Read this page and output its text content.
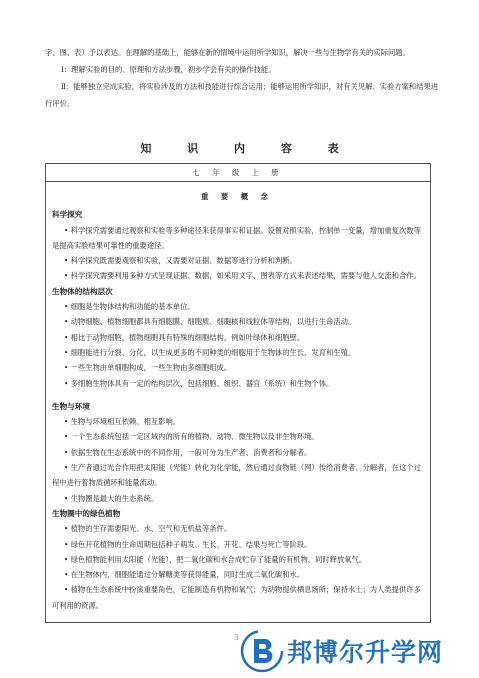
字、图、表）予以表达。在理解的基础上，能够在新的情境中运用所学知识，解决一些与生物学有关的实际问题。

Ⅰ：理解实验的目的、原理和方法步骤，初步学会有关的操作技能。

Ⅱ：能够独立完成实验，将实验涉及的方法和技能进行综合运用；能够运用所学知识，对有关见解、实验方案和结果进行评价。

知 识 内 容 表
七 年 级 上 册
重 要 概 念
科学探究
• 科学探究需要通过观察和实验等多种途径来获得事实和证据。设置对照实验，控制单一变量，增加重复次数等是提高实验结果可靠性的重要途径。
• 科学探究既需要观察和实验，又需要对证据、数据等进行分析和判断。
• 科学探究需要利用多种方式呈现证据、数据，如采用文字、图表等方式来表述结果，需要与他人交流和合作。
生物体的结构层次
• 细胞是生物体结构和功能的基本单位。
• 动物细胞、植物细胞都具有细胞膜、细胞质、细胞核和线粒体等结构，以进行生命活动。
• 相比于动物细胞，植物细胞具有特殊的细胞结构，例如叶绿体和细胞壁。
• 细胞能进行分裂、分化，以生成更多的不同种类的细胞用于生物体的生长、发育和生殖。
• 一些生物由单细胞构成，一些生物由多细胞组成。
• 多细胞生物体具有一定的结构层次，包括细胞、组织、器官（系统）和生物个体。
生物与环境
• 生物与环境相互依赖、相互影响。
• 一个生态系统包括一定区域内的所有的植物、动物、微生物以及非生物环境。
• 依据生物在生态系统中的不同作用，一般可分为生产者、消费者和分解者。
• 生产者通过光合作用把太阳能（光能）转化为化学能，然后通过食物链（网）传给消费者、分解者，在这个过程中进行着物质循环和能量流动。
• 生物圈是最大的生态系统。
生物圈中的绿色植物
• 植物的生存需要阳光、水、空气和无机盐等条件。
• 绿色开花植物的生命周期包括种子萌发、生长、开花、结果与死亡等阶段。
• 绿色植物能利用太阳能（光能），把二氧化碳和水合成贮存了能量的有机物，同时释放氧气。
• 在生物体内，细胞能通过分解糖类等获得能量，同时生成二氧化碳和水。
• 植物在生态系统中扮演重要角色，它能制造有机物和氧气；为动物提供栖息场所；保持水土；为人类提供许多可利用的资源。
邦博尔升学网
3
